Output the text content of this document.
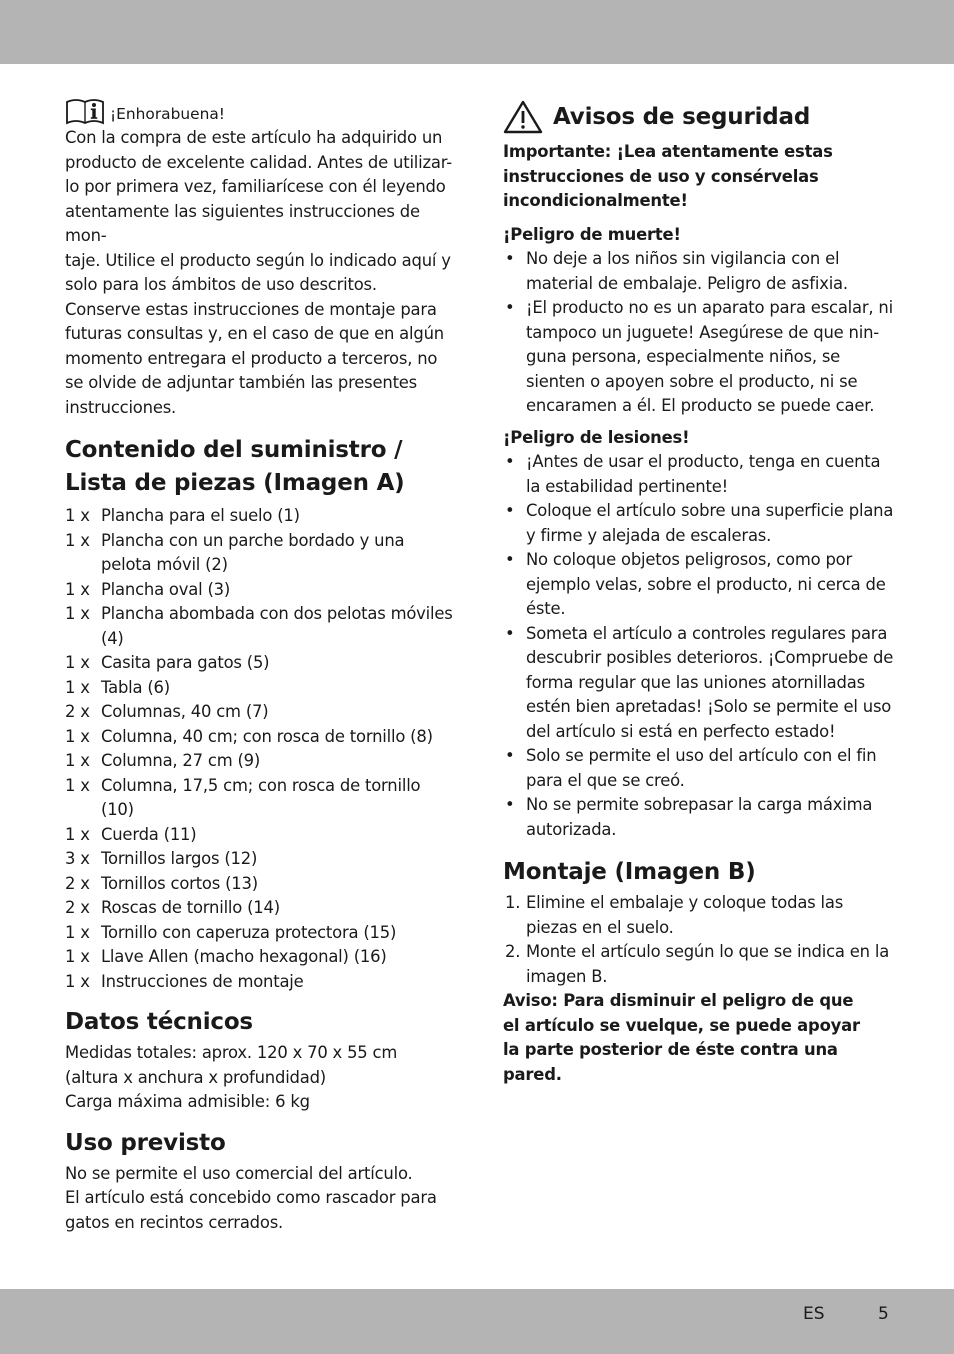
¡Enhorabuena!

Con la compra de este artículo ha adquirido un

producto de excelente calidad. Antes de utilizar-

lo por primera vez, familiarícese con él leyendo

atentamente las siguientes instrucciones de mon-

taje. Utilice el producto según lo indicado aquí y

solo para los ámbitos de uso descritos.

Conserve estas instrucciones de montaje para

futuras consultas y, en el caso de que en algún

momento entregara el producto a terceros, no

se olvide de adjuntar también las presentes

instrucciones.

Contenido del suministro /
Lista de piezas (Imagen A)
1 x Plancha para el suelo (1)
1 x Plancha con un parche bordado y una pelota móvil (2)
1 x Plancha oval (3)
1 x Plancha abombada con dos pelotas móviles (4)
1 x Casita para gatos (5)
1 x Tabla (6)
2 x Columnas, 40 cm (7)
1 x Columna, 40 cm; con rosca de tornillo (8)
1 x Columna, 27 cm (9)
1 x Columna, 17,5 cm; con rosca de tornillo (10)
1 x Cuerda (11)
3 x Tornillos largos (12)
2 x Tornillos cortos (13)
2 x Roscas de tornillo (14)
1 x Tornillo con caperuza protectora (15)
1 x Llave Allen (macho hexagonal) (16)
1 x Instrucciones de montaje
Datos técnicos

Medidas totales: aprox. 120 x 70 x 55 cm

(altura x anchura x profundidad)

Carga máxima admisible: 6 kg

Uso previsto

No se permite el uso comercial del artículo.

El artículo está concebido como rascador para

gatos en recintos cerrados.

Avisos de seguridad

Importante: ¡Lea atentamente estas

instrucciones de uso y consérvelas

incondicionalmente!

¡Peligro de muerte!

• No deje a los niños sin vigilancia con el material de embalaje. Peligro de asfixia.
• ¡El producto no es un aparato para escalar, ni tampoco un juguete! Asegúrese de que nin-guna persona, especialmente niños, se sienten o apoyen sobre el producto, ni se encaramen a él. El producto se puede caer.

¡Peligro de lesiones!

• ¡Antes de usar el producto, tenga en cuenta la estabilidad pertinente!
• Coloque el artículo sobre una superficie plana y firme y alejada de escaleras.
• No coloque objetos peligrosos, como por ejemplo velas, sobre el producto, ni cerca de éste.
• Someta el artículo a controles regulares para descubrir posibles deterioros. ¡Compruebe de forma regular que las uniones atornilladas estén bien apretadas! ¡Solo se permite el uso del artículo si está en perfecto estado!
• Solo se permite el uso del artículo con el fin para el que se creó.
• No se permite sobrepasar la carga máxima autorizada.
Montaje (Imagen B)
1. Elimine el embalaje y coloque todas las piezas en el suelo.
2. Monte el artículo según lo que se indica en la imagen B.

Aviso: Para disminuir el peligro de que

el artículo se vuelque, se puede apoyar

la parte posterior de éste contra una

pared.

ES	5
